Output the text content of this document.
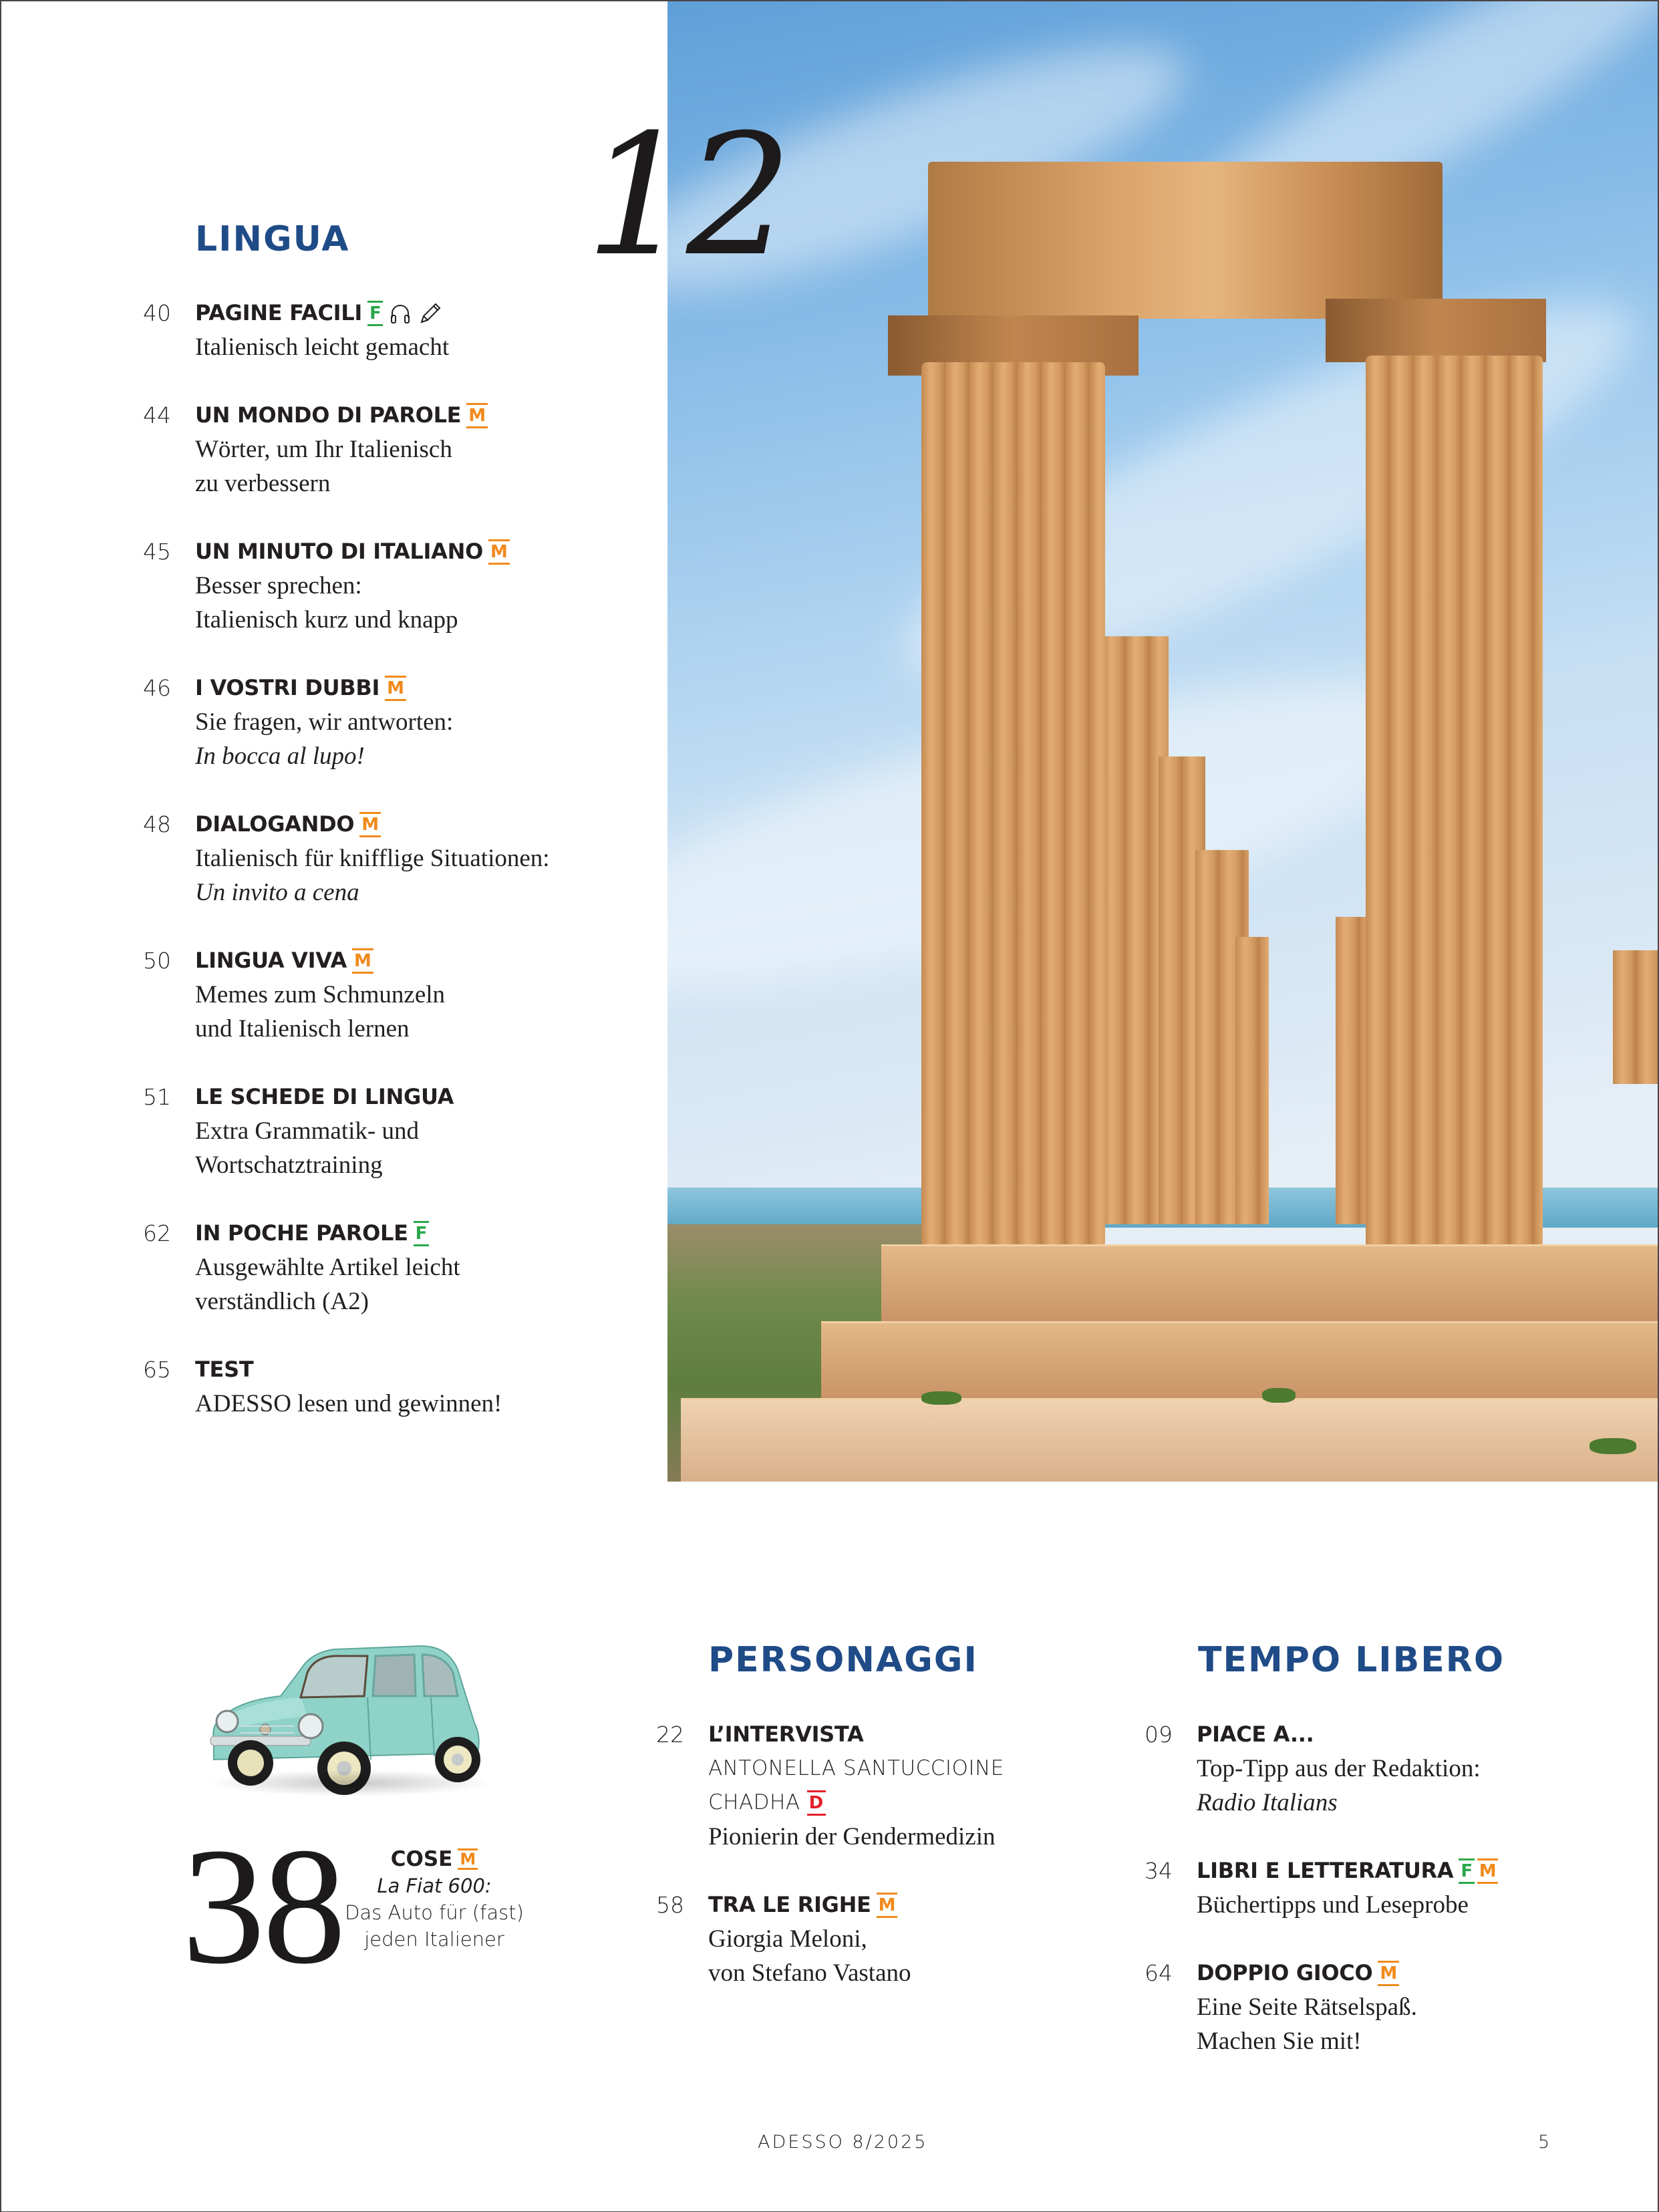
12
LINGUA
40 PAGINE FACILI F
Italienisch leicht gemacht
44 UN MONDO DI PAROLE M
Wörter, um Ihr Italienisch
zu verbessern
45 UN MINUTO DI ITALIANO M
Besser sprechen:
Italienisch kurz und knapp
46 I VOSTRI DUBBI M
Sie fragen, wir antworten:
In bocca al lupo!
48 DIALOGANDO M
Italienisch für knifflige Situationen:
Un invito a cena
50 LINGUA VIVA M
Memes zum Schmunzeln
und Italienisch lernen
51 LE SCHEDE DI LINGUA
Extra Grammatik- und
Wortschatztraining
62 IN POCHE PAROLE F
Ausgewählte Artikel leicht
verständlich (A2)
65 TEST
ADESSO lesen und gewinnen!
38 COSE M
La Fiat 600:
Das Auto für (fast)
jeden Italiener
PERSONAGGI
22 L’INTERVISTA
ANTONELLA SANTUCCIOINE
CHADHA D
Pionierin der Gendermedizin
58 TRA LE RIGHE M
Giorgia Meloni,
von Stefano Vastano
TEMPO LIBERO
09 PIACE A...
Top-Tipp aus der Redaktion:
Radio Italians
34 LIBRI E LETTERATURA F M
Büchertipps und Leseprobe
64 DOPPIO GIOCO M
Eine Seite Rätselspaß.
Machen Sie mit!
ADESSO 8/2025	5
